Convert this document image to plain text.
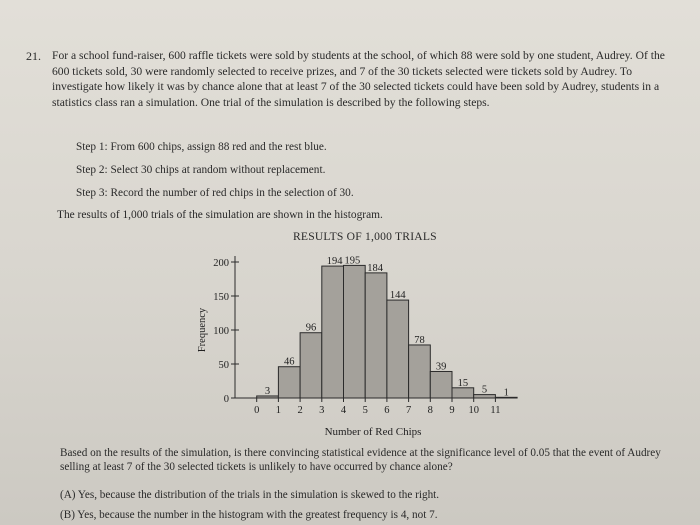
21. For a school fund-raiser, 600 raffle tickets were sold by students at the school, of which 88 were sold by one student, Audrey. Of the 600 tickets sold, 30 were randomly selected to receive prizes, and 7 of the 30 tickets selected were tickets sold by Audrey. To investigate how likely it was by chance alone that at least 7 of the 30 selected tickets could have been sold by Audrey, students in a statistics class ran a simulation. One trial of the simulation is described by the following steps.
Step 1: From 600 chips, assign 88 red and the rest blue.
Step 2: Select 30 chips at random without replacement.
Step 3: Record the number of red chips in the selection of 30.
The results of 1,000 trials of the simulation are shown in the histogram.
RESULTS OF 1,000 TRIALS
3
46
96
194 195
184
144
78
39
15
5 1
0
50
100
150
200
0 1 2 3 4 5 6 7 8 9 10 11
Number of Red Chips
Frequency
Based on the results of the simulation, is there convincing statistical evidence at the significance level of 0.05 that the event of Audrey selling at least 7 of the 30 selected tickets is unlikely to have occurred by chance alone?
(A) Yes, because the distribution of the trials in the simulation is skewed to the right.
(B) Yes, because the number in the histogram with the greatest frequency is 4, not 7.
